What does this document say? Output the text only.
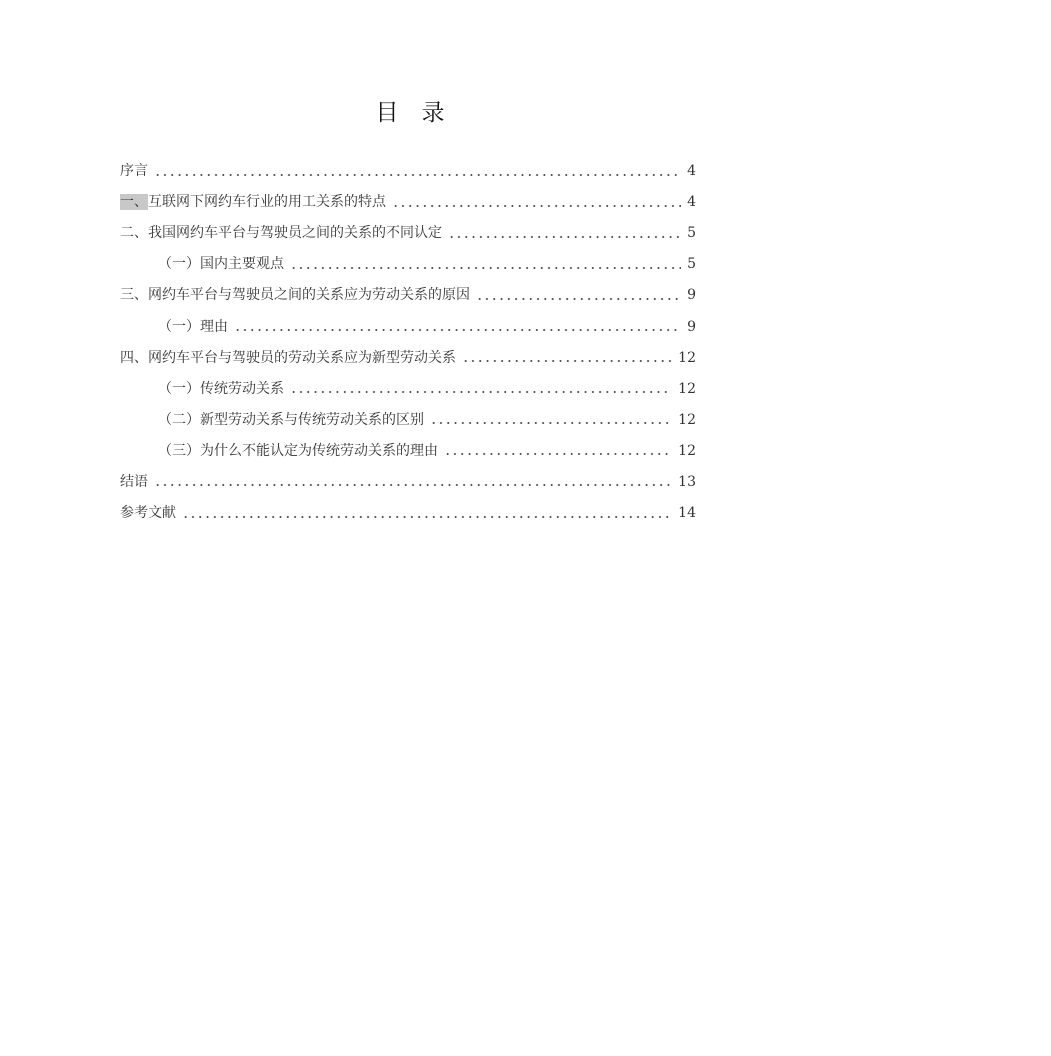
目　录
序言	4
一、互联网下网约车行业的用工关系的特点	4
二、我国网约车平台与驾驶员之间的关系的不同认定	5
（一）国内主要观点	5
三、网约车平台与驾驶员之间的关系应为劳动关系的原因	9
（一）理由	9
四、网约车平台与驾驶员的劳动关系应为新型劳动关系	12
（一）传统劳动关系	12
（二）新型劳动关系与传统劳动关系的区别	12
（三）为什么不能认定为传统劳动关系的理由	12
结语	13
参考文献	14
